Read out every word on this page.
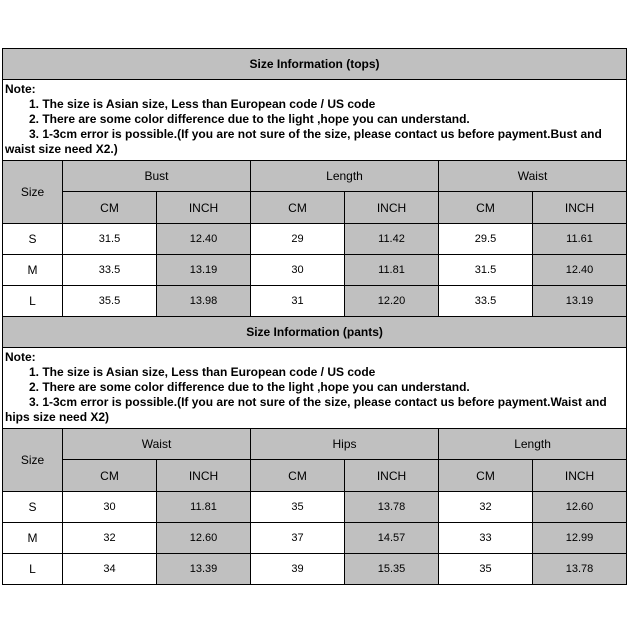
Size Information (tops)						

Note:
1. The size is Asian size, Less than European code / US code
2. There are some color difference due to the light ,hope you can understand.
3. 1-3cm error is possible.(If you are not sure of the size, please contact us before payment.Bust and waist size need X2.)						

Size	Bust		Length		Waist	
	CM	INCH	CM	INCH	CM	INCH
S	31.5	12.40	29	11.42	29.5	11.61
M	33.5	13.19	30	11.81	31.5	12.40
L	35.5	13.98	31	12.20	33.5	13.19
Size Information (pants)						

Note:
1. The size is Asian size, Less than European code / US code
2. There are some color difference due to the light ,hope you can understand.
3. 1-3cm error is possible.(If you are not sure of the size, please contact us before payment.Waist and hips size need X2)						

Size	Waist		Hips		Length	
	CM	INCH	CM	INCH	CM	INCH
S	30	11.81	35	13.78	32	12.60
M	32	12.60	37	14.57	33	12.99
L	34	13.39	39	15.35	35	13.78
